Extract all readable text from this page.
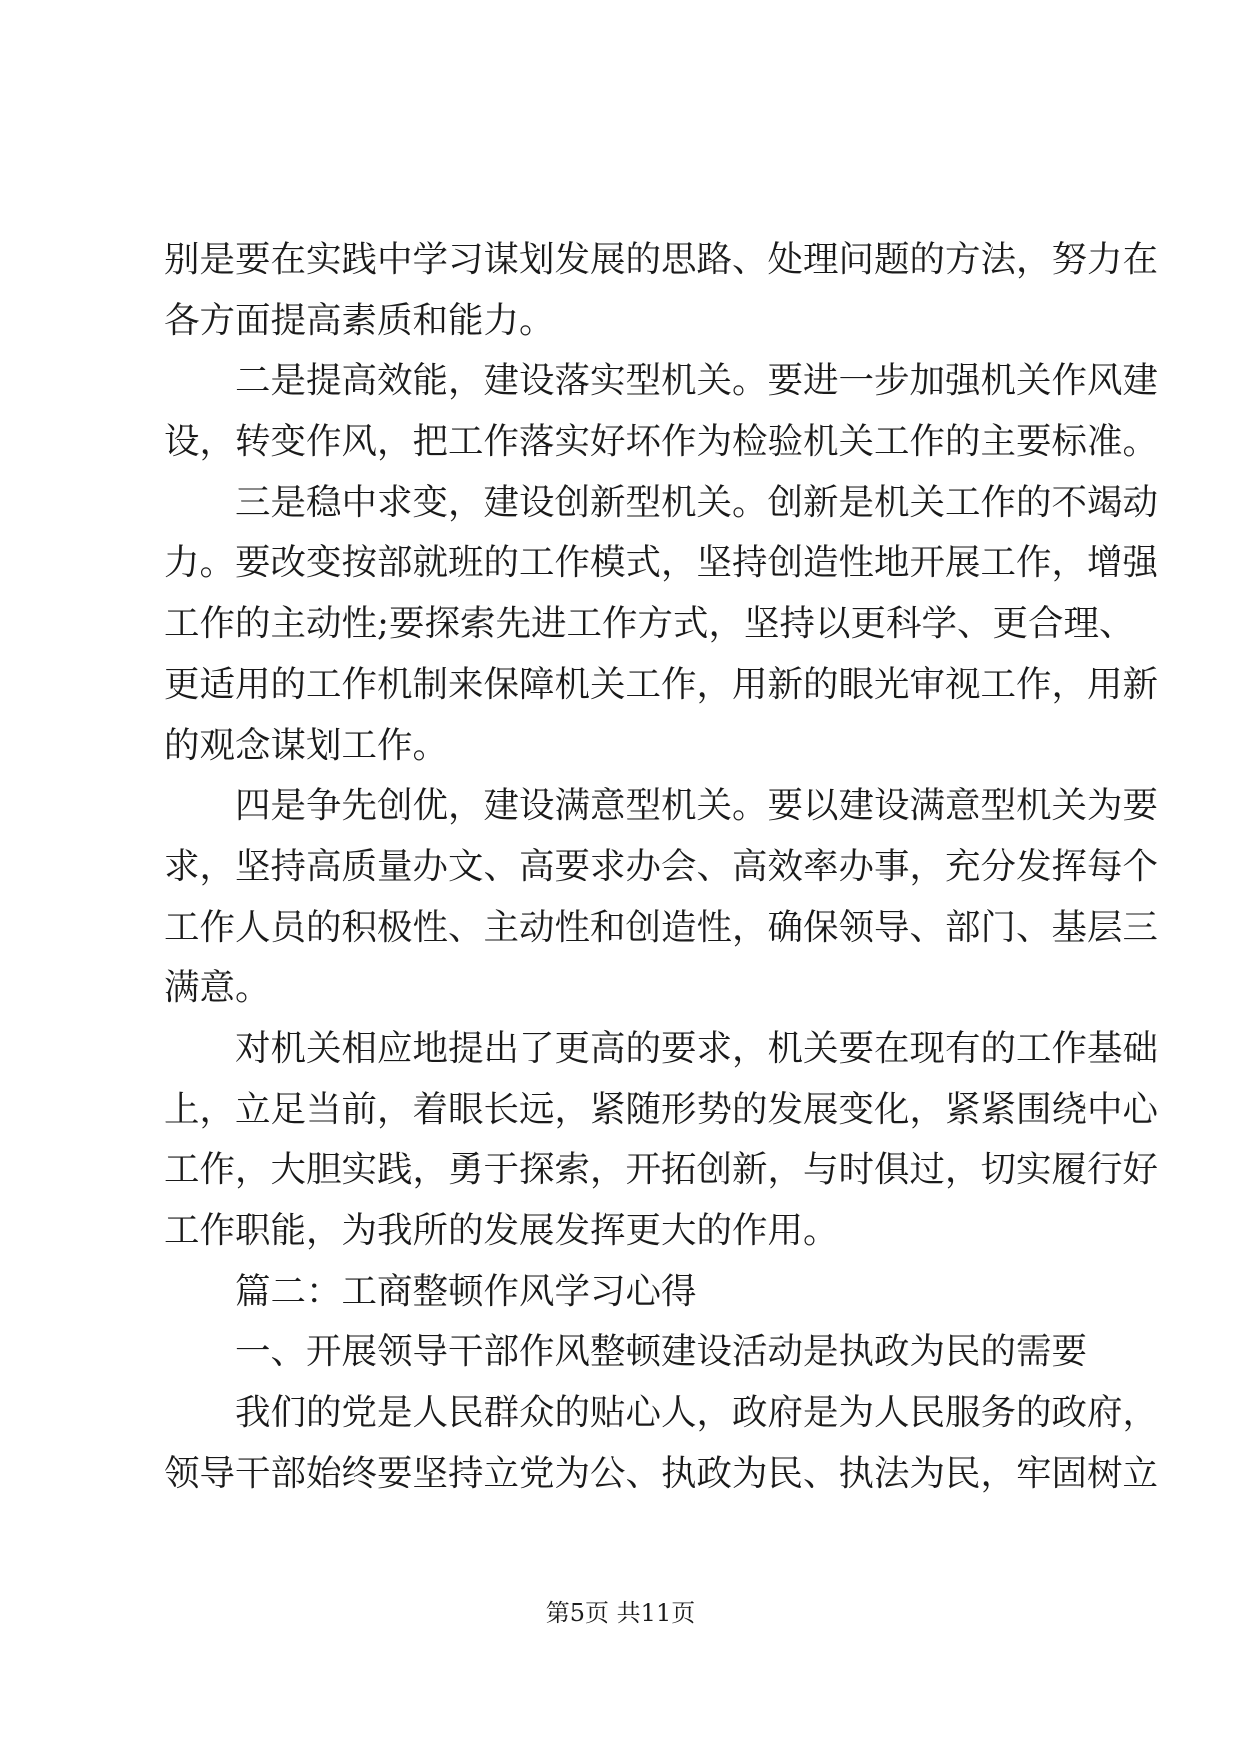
别是要在实践中学习谋划发展的思路、处理问题的方法，努力在
各方面提高素质和能力。
二是提高效能，建设落实型机关。要进一步加强机关作风建
设，转变作风，把工作落实好坏作为检验机关工作的主要标准。
三是稳中求变，建设创新型机关。创新是机关工作的不竭动
力。要改变按部就班的工作模式，坚持创造性地开展工作，增强
工作的主动性;要探索先进工作方式，坚持以更科学、更合理、
更适用的工作机制来保障机关工作，用新的眼光审视工作，用新
的观念谋划工作。
四是争先创优，建设满意型机关。要以建设满意型机关为要
求，坚持高质量办文、高要求办会、高效率办事，充分发挥每个
工作人员的积极性、主动性和创造性，确保领导、部门、基层三
满意。
对机关相应地提出了更高的要求，机关要在现有的工作基础
上，立足当前，着眼长远，紧随形势的发展变化，紧紧围绕中心
工作，大胆实践，勇于探索，开拓创新，与时俱过，切实履行好
工作职能，为我所的发展发挥更大的作用。
篇二：工商整顿作风学习心得
一、开展领导干部作风整顿建设活动是执政为民的需要
我们的党是人民群众的贴心人，政府是为人民服务的政府，
领导干部始终要坚持立党为公、执政为民、执法为民，牢固树立
第5页 共11页
